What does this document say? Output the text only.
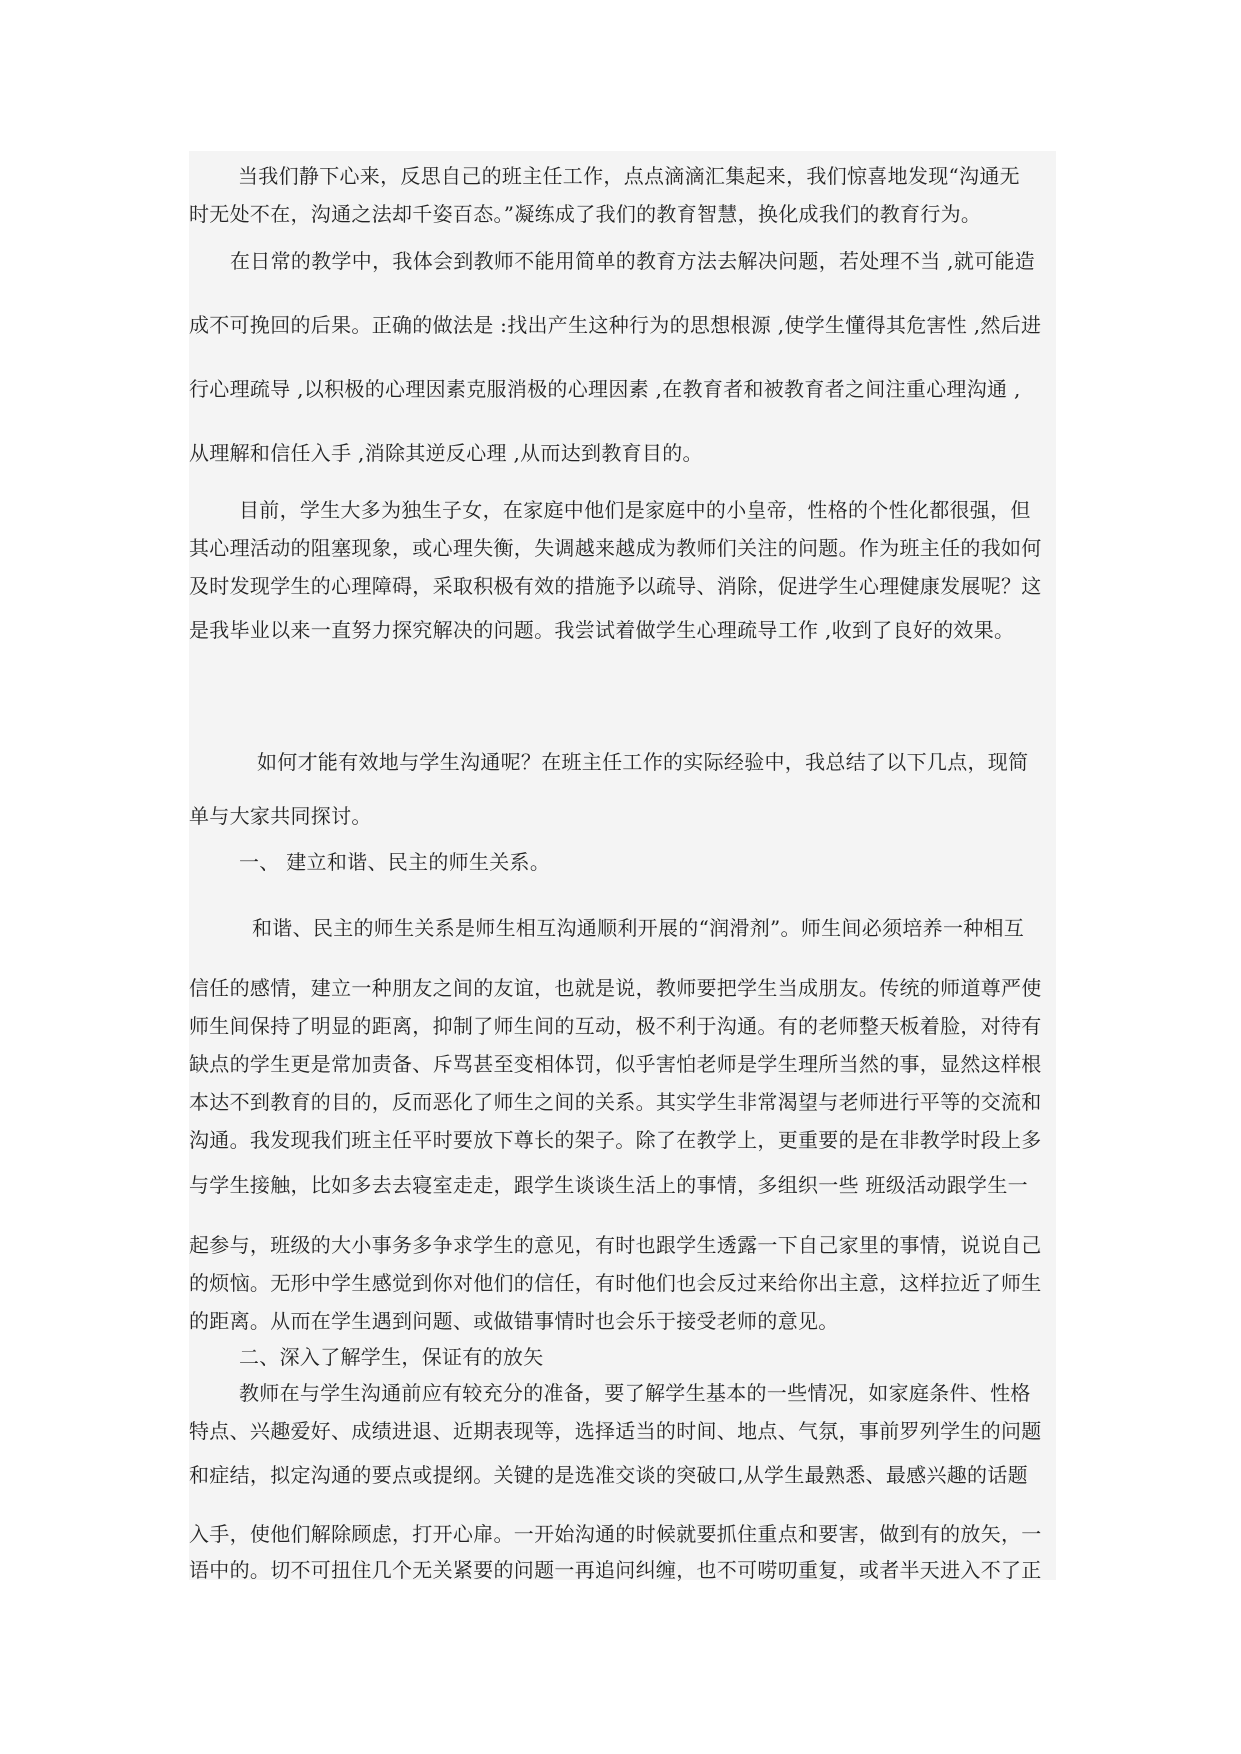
当我们静下心来，反思自己的班主任工作，点点滴滴汇集起来，我们惊喜地发现“沟通无
时无处不在，沟通之法却千姿百态。”凝练成了我们的教育智慧，换化成我们的教育行为。
在日常的教学中，我体会到教师不能用简单的教育方法去解决问题，若处理不当 ,就可能造
成不可挽回的后果。正确的做法是 :找出产生这种行为的思想根源 ,使学生懂得其危害性 ,然后进
行心理疏导 ,以积极的心理因素克服消极的心理因素 ,在教育者和被教育者之间注重心理沟通 ,
从理解和信任入手 ,消除其逆反心理 ,从而达到教育目的。
目前，学生大多为独生子女，在家庭中他们是家庭中的小皇帝，性格的个性化都很强，但
其心理活动的阻塞现象，或心理失衡，失调越来越成为教师们关注的问题。作为班主任的我如何
及时发现学生的心理障碍，采取积极有效的措施予以疏导、消除，促进学生心理健康发展呢？这
是我毕业以来一直努力探究解决的问题。我尝试着做学生心理疏导工作 ,收到了良好的效果。
如何才能有效地与学生沟通呢？在班主任工作的实际经验中，我总结了以下几点，现简
单与大家共同探讨。
一、 建立和谐、民主的师生关系。
和谐、民主的师生关系是师生相互沟通顺利开展的“润滑剂”。师生间必须培养一种相互
信任的感情，建立一种朋友之间的友谊，也就是说，教师要把学生当成朋友。传统的师道尊严使
师生间保持了明显的距离，抑制了师生间的互动，极不利于沟通。有的老师整天板着脸，对待有
缺点的学生更是常加责备、斥骂甚至变相体罚，似乎害怕老师是学生理所当然的事，显然这样根
本达不到教育的目的，反而恶化了师生之间的关系。其实学生非常渴望与老师进行平等的交流和
沟通。我发现我们班主任平时要放下尊长的架子。除了在教学上，更重要的是在非教学时段上多
与学生接触，比如多去去寝室走走，跟学生谈谈生活上的事情，多组织一些 班级活动跟学生一
起参与，班级的大小事务多争求学生的意见，有时也跟学生透露一下自己家里的事情，说说自己
的烦恼。无形中学生感觉到你对他们的信任，有时他们也会反过来给你出主意，这样拉近了师生
的距离。从而在学生遇到问题、或做错事情时也会乐于接受老师的意见。
二、深入了解学生，保证有的放矢
教师在与学生沟通前应有较充分的准备，要了解学生基本的一些情况，如家庭条件、性格
特点、兴趣爱好、成绩进退、近期表现等，选择适当的时间、地点、气氛，事前罗列学生的问题
和症结，拟定沟通的要点或提纲。关键的是选准交谈的突破口,从学生最熟悉、最感兴趣的话题
入手，使他们解除顾虑，打开心扉。一开始沟通的时候就要抓住重点和要害，做到有的放矢，一
语中的。切不可扭住几个无关紧要的问题一再追问纠缠，也不可唠叨重复，或者半天进入不了正
